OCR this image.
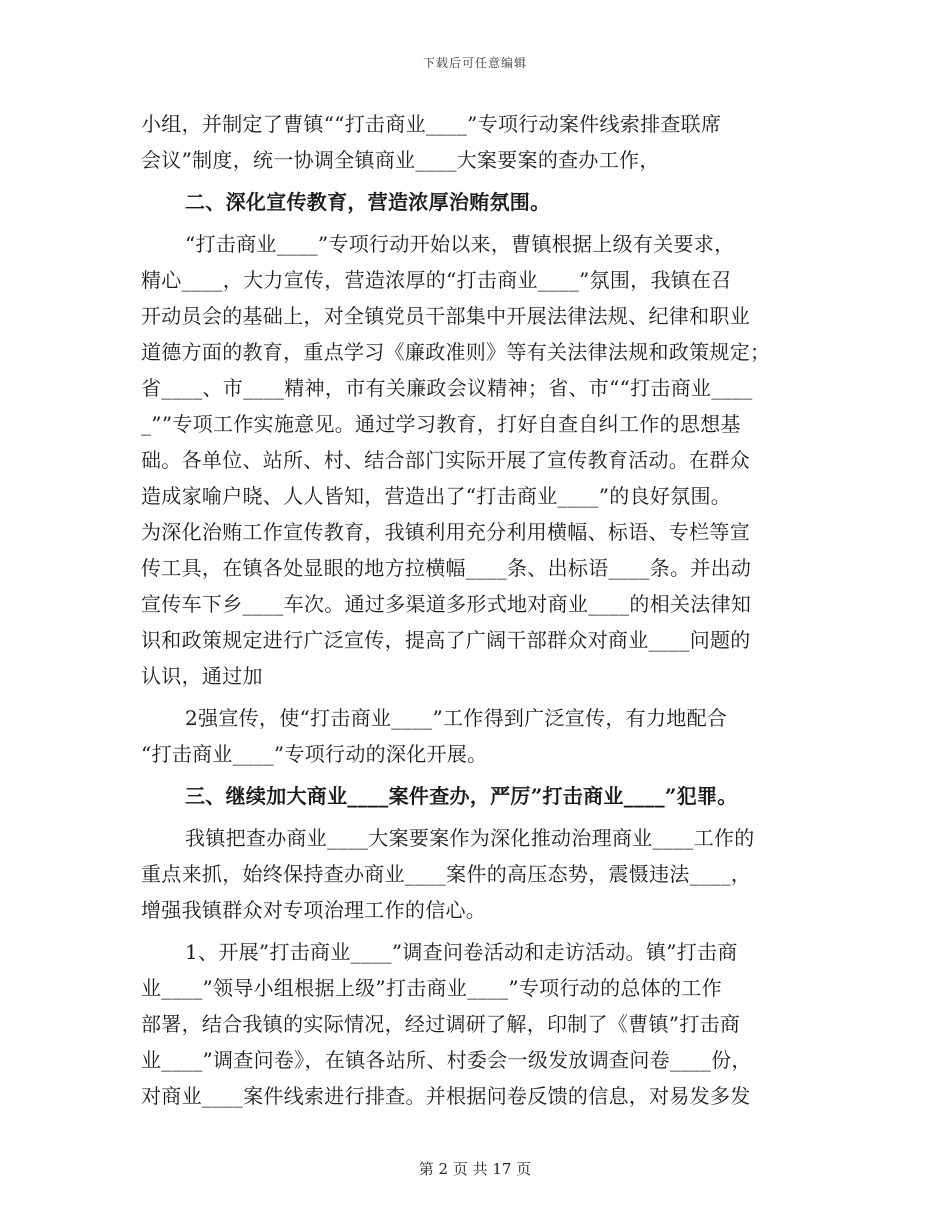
下载后可任意编辑
小组，并制定了曹镇““打击商业____”专项行动案件线索排查联席
会议”制度，统一协调全镇商业____大案要案的查办工作，
二、深化宣传教育，营造浓厚治贿氛围。
“打击商业____”专项行动开始以来，曹镇根据上级有关要求，
精心____，大力宣传，营造浓厚的“打击商业____”氛围，我镇在召
开动员会的基础上，对全镇党员干部集中开展法律法规、纪律和职业
道德方面的教育，重点学习《廉政准则》等有关法律法规和政策规定；
省____、市____精神，市有关廉政会议精神；省、市““打击商业____
_””专项工作实施意见。通过学习教育，打好自查自纠工作的思想基
础。各单位、站所、村、结合部门实际开展了宣传教育活动。在群众
造成家喻户晓、人人皆知，营造出了“打击商业____”的良好氛围。
为深化治贿工作宣传教育，我镇利用充分利用横幅、标语、专栏等宣
传工具，在镇各处显眼的地方拉横幅____条、出标语____条。并出动
宣传车下乡____车次。通过多渠道多形式地对商业____的相关法律知
识和政策规定进行广泛宣传，提高了广阔干部群众对商业____问题的
认识，通过加
2强宣传，使“打击商业____”工作得到广泛宣传，有力地配合
“打击商业____”专项行动的深化开展。
三、继续加大商业____案件查办，严厉”打击商业____”犯罪。
我镇把查办商业____大案要案作为深化推动治理商业____工作的
重点来抓，始终保持查办商业____案件的高压态势，震慑违法____，
增强我镇群众对专项治理工作的信心。
1、开展”打击商业____”调查问卷活动和走访活动。镇”打击商
业____”领导小组根据上级”打击商业____”专项行动的总体的工作
部署，结合我镇的实际情况，经过调研了解，印制了《曹镇”打击商
业____”调查问卷》，在镇各站所、村委会一级发放调查问卷____份，
对商业____案件线索进行排查。并根据问卷反馈的信息，对易发多发
第 2 页 共 17 页
